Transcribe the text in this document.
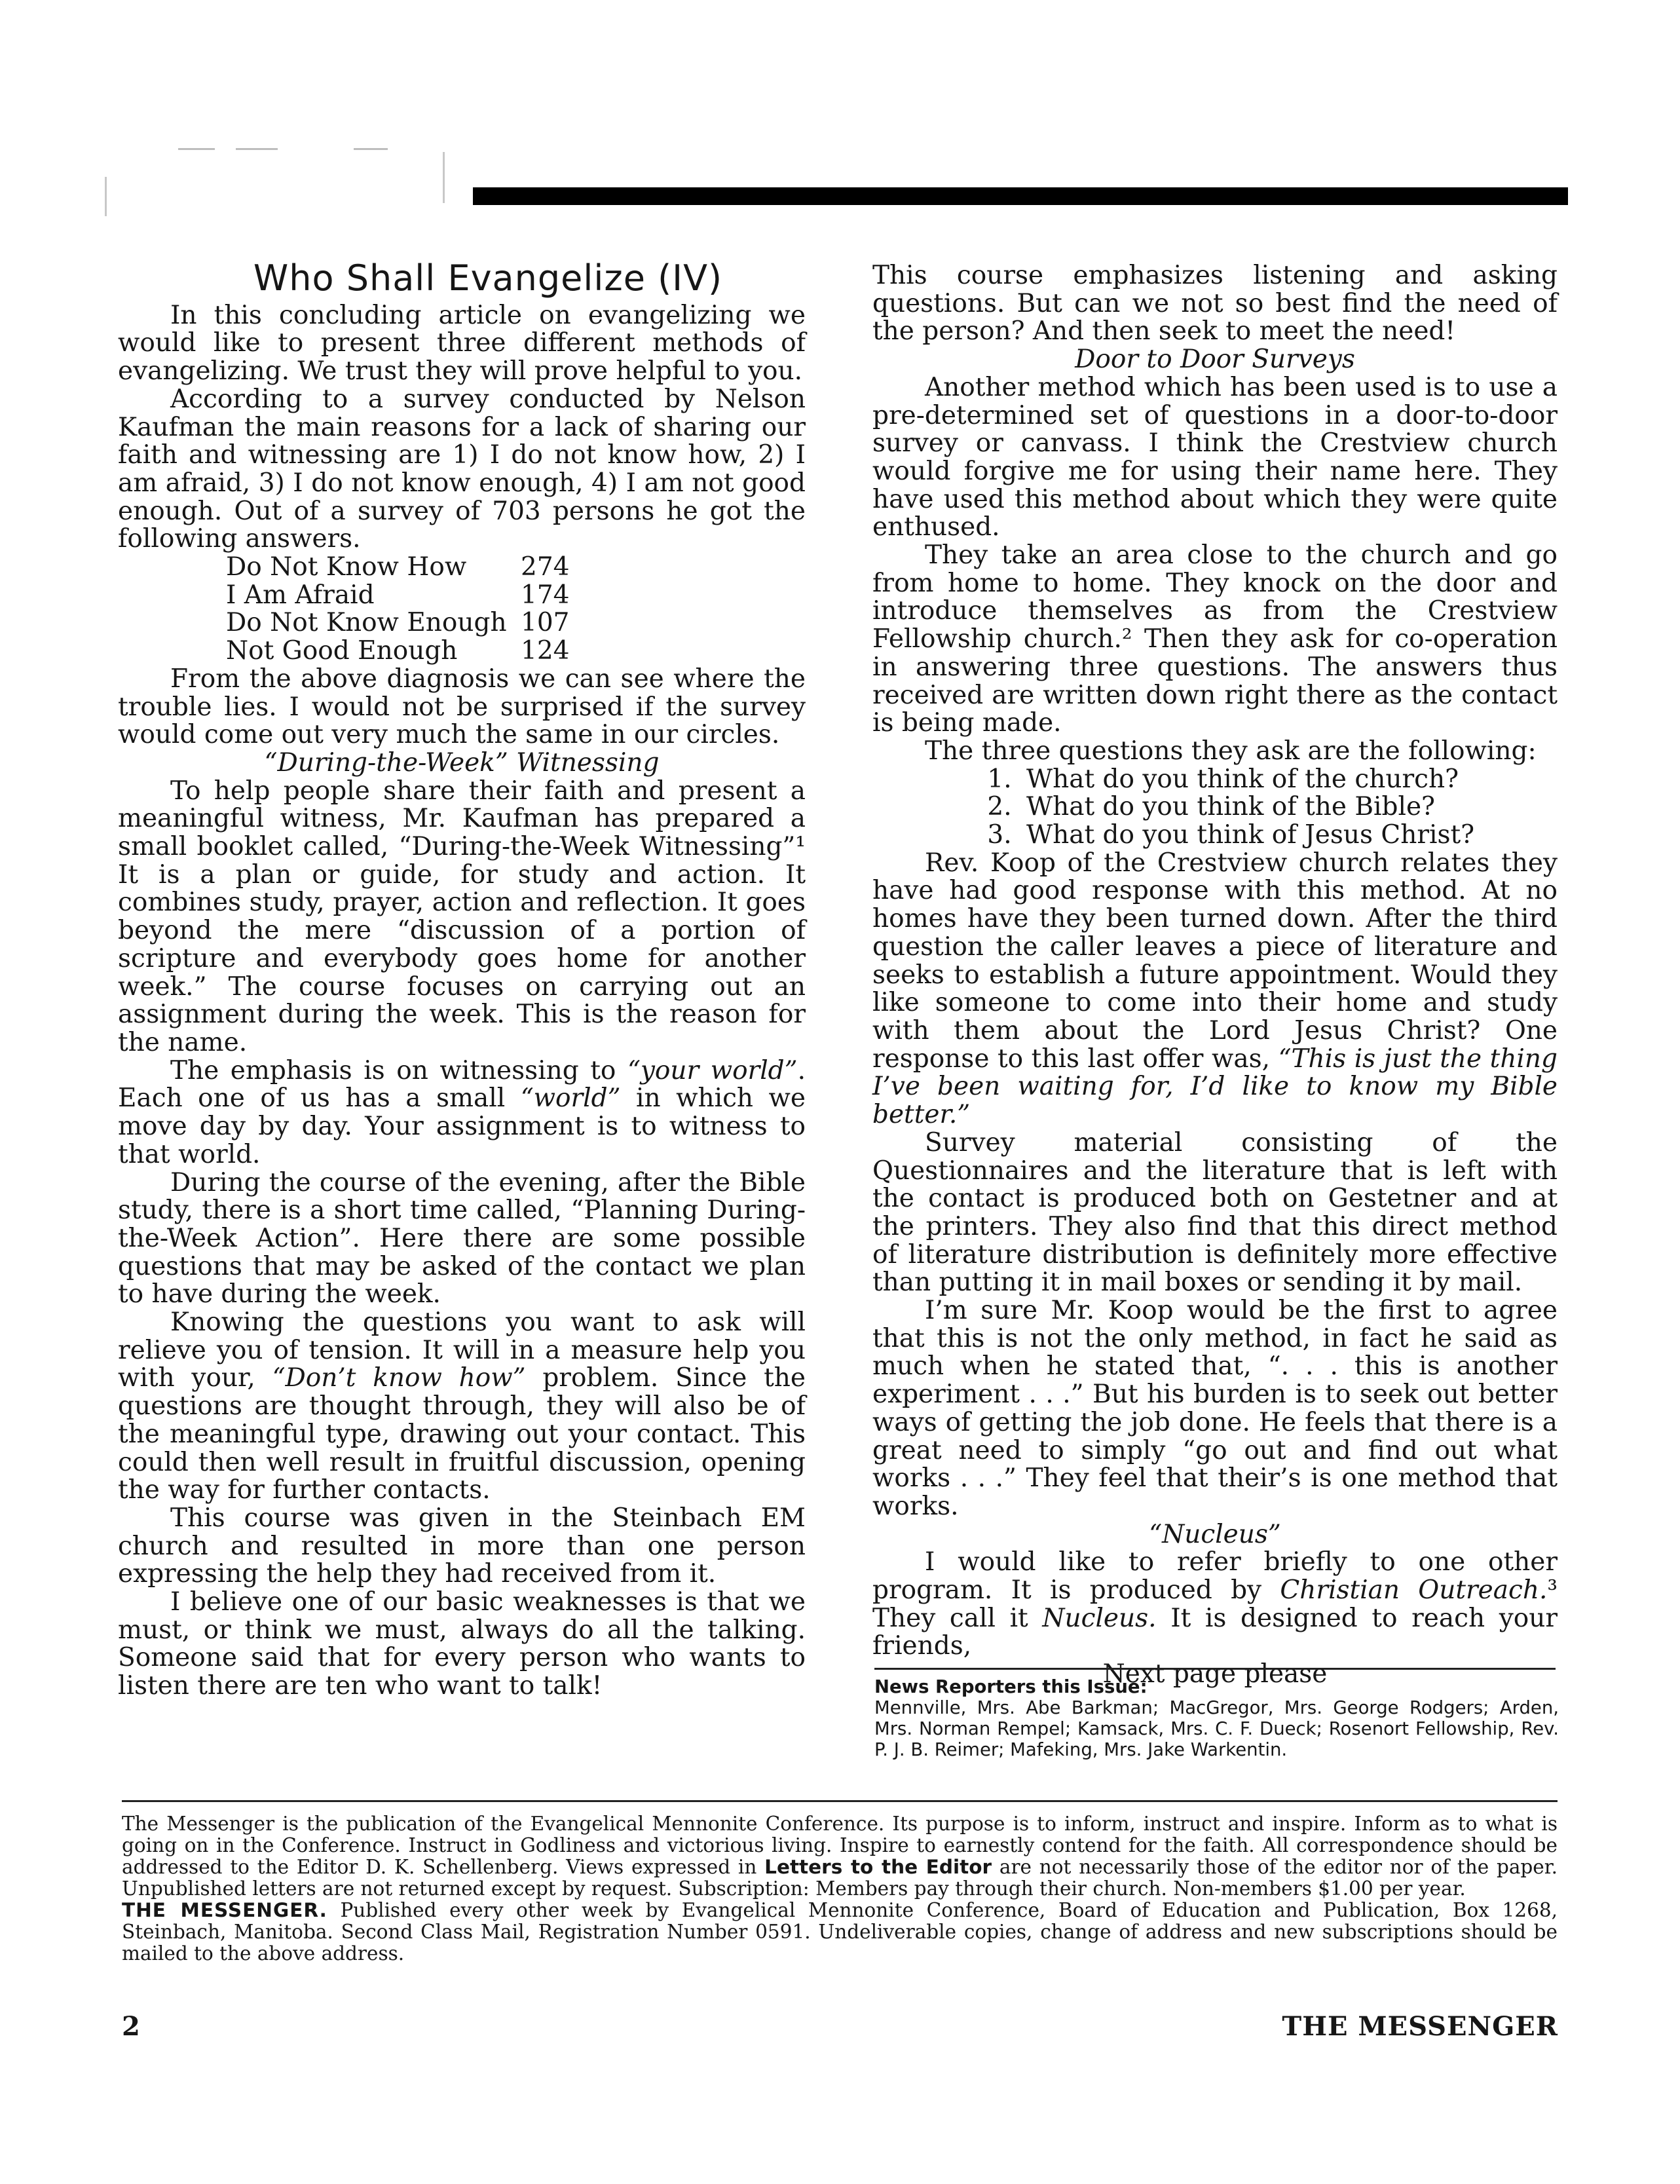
Who Shall Evangelize (IV)

In this concluding article on evangelizing we would like to present three different methods of evangelizing. We trust they will prove helpful to you.

According to a survey conducted by Nelson Kaufman the main reasons for a lack of sharing our faith and witnessing are 1) I do not know how, 2) I am afraid, 3) I do not know enough, 4) I am not good enough. Out of a survey of 703 persons he got the following answers.

Do Not Know How	274
I Am Afraid	174
Do Not Know Enough	107
Not Good Enough	124

From the above diagnosis we can see where the trouble lies. I would not be surprised if the survey would come out very much the same in our circles.

“During-the-Week” Witnessing

To help people share their faith and present a meaningful witness, Mr. Kaufman has prepared a small booklet called, “During-the-Week Witnessing”¹ It is a plan or guide, for study and action. It combines study, prayer, action and reflection. It goes beyond the mere “discussion of a portion of scripture and everybody goes home for another week.” The course focuses on carrying out an assignment during the week. This is the reason for the name.

The emphasis is on witnessing to “your world”. Each one of us has a small “world” in which we move day by day. Your assignment is to witness to that world.

During the course of the evening, after the Bible study, there is a short time called, “Planning During-the-Week Action”. Here there are some possible questions that may be asked of the contact we plan to have during the week.

Knowing the questions you want to ask will relieve you of tension. It will in a measure help you with your, “Don’t know how” problem. Since the questions are thought through, they will also be of the meaningful type, drawing out your contact. This could then well result in fruitful discussion, opening the way for further contacts.

This course was given in the Steinbach EM church and resulted in more than one person expressing the help they had received from it.

I believe one of our basic weaknesses is that we must, or think we must, always do all the talking. Someone said that for every person who wants to listen there are ten who want to talk!

This course emphasizes listening and asking questions. But can we not so best find the need of the person? And then seek to meet the need!

Door to Door Surveys

Another method which has been used is to use a pre-determined set of questions in a door-to-door survey or canvass. I think the Crestview church would forgive me for using their name here. They have used this method about which they were quite enthused.

They take an area close to the church and go from home to home. They knock on the door and introduce themselves as from the Crestview Fellowship church.² Then they ask for co-operation in answering three questions. The answers thus received are written down right there as the contact is being made.

The three questions they ask are the following:

1. What do you think of the church?
2. What do you think of the Bible?
3. What do you think of Jesus Christ?

Rev. Koop of the Crestview church relates they have had good response with this method. At no homes have they been turned down. After the third question the caller leaves a piece of literature and seeks to establish a future appointment. Would they like someone to come into their home and study with them about the Lord Jesus Christ? One response to this last offer was, “This is just the thing I’ve been waiting for, I’d like to know my Bible better.”

Survey material consisting of the Questionnaires and the literature that is left with the contact is produced both on Gestetner and at the printers. They also find that this direct method of literature distribution is definitely more effective than putting it in mail boxes or sending it by mail.

I’m sure Mr. Koop would be the first to agree that this is not the only method, in fact he said as much when he stated that, “. . . this is another experiment . . .” But his burden is to seek out better ways of getting the job done. He feels that there is a great need to simply “go out and find out what works . . .” They feel that their’s is one method that works.

“Nucleus”

I would like to refer briefly to one other program. It is produced by Christian Outreach.³ They call it Nucleus. It is designed to reach your friends,

Next page please

News Reporters this Issue:
Mennville, Mrs. Abe Barkman; MacGregor, Mrs. George Rodgers; Arden, Mrs. Norman Rempel; Kamsack, Mrs. C. F. Dueck; Rosenort Fellowship, Rev. P. J. B. Reimer; Mafeking, Mrs. Jake Warkentin.

The Messenger is the publication of the Evangelical Mennonite Conference. Its purpose is to inform, instruct and inspire. Inform as to what is going on in the Conference. Instruct in Godliness and victorious living. Inspire to earnestly contend for the faith. All correspondence should be addressed to the Editor D. K. Schellenberg. Views expressed in Letters to the Editor are not necessarily those of the editor nor of the paper. Unpublished letters are not returned except by request. Subscription: Members pay through their church. Non-members $1.00 per year.

THE MESSENGER. Published every other week by Evangelical Mennonite Conference, Board of Education and Publication, Box 1268, Steinbach, Manitoba. Second Class Mail, Registration Number 0591. Undeliverable copies, change of address and new subscriptions should be mailed to the above address.

2	THE MESSENGER
